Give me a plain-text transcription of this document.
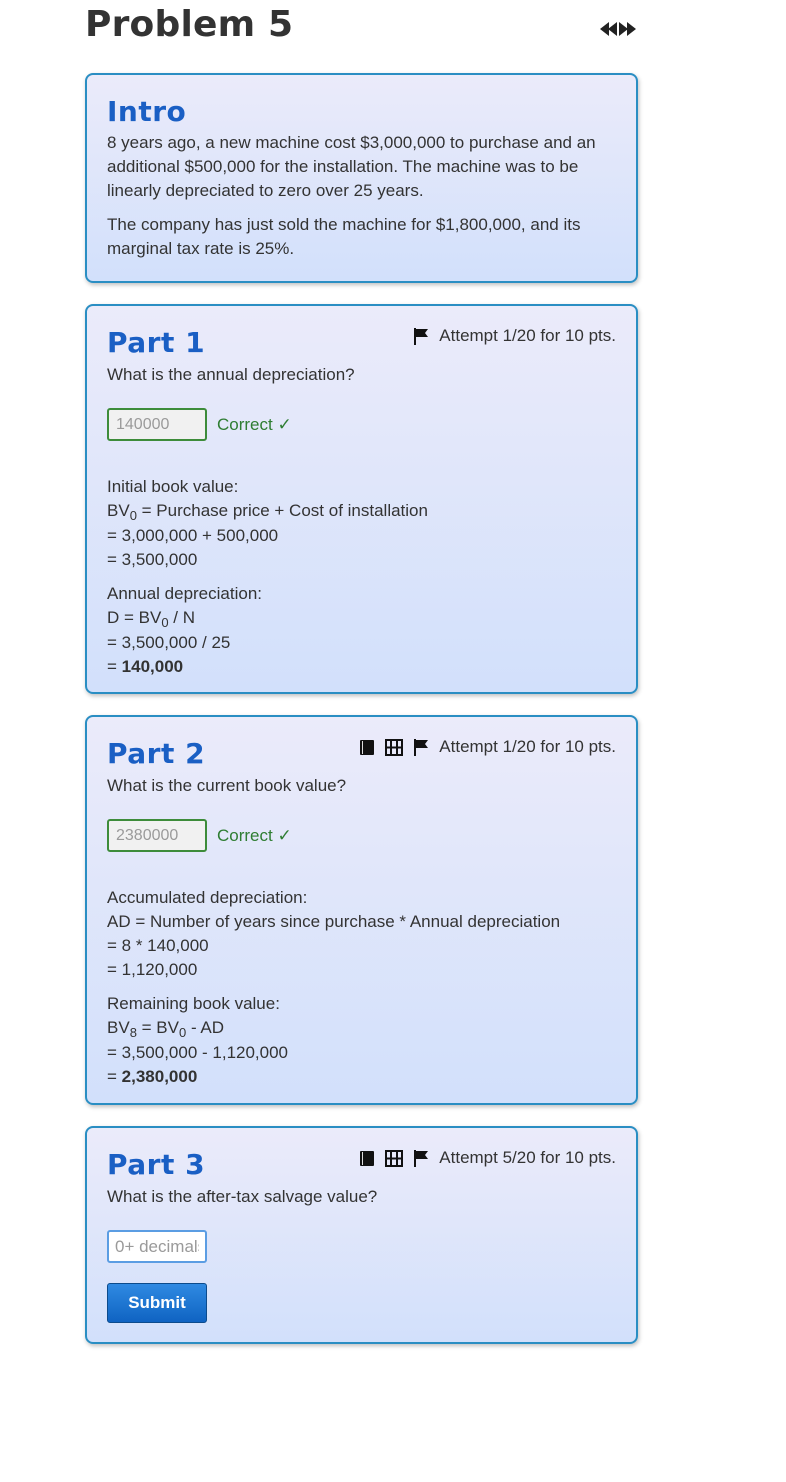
Problem 5
Intro

8 years ago, a new machine cost $3,000,000 to purchase and an additional $500,000 for the installation. The machine was to be linearly depreciated to zero over 25 years.

The company has just sold the machine for $1,800,000, and its marginal tax rate is 25%.

Part 1	Attempt 1/20 for 10 pts.

What is the annual depreciation?

140000	Correct ✓
Initial book value:
$BV_0$ = Purchase price + Cost of installation
= 3,000,000 + 500,000
= 3,500,000
Annual depreciation:
$D = BV_0 / N$
= 3,500,000 / 25
= 140,000
Part 2	Attempt 1/20 for 10 pts.

What is the current book value?

2380000	Correct ✓
Accumulated depreciation:
AD = Number of years since purchase * Annual depreciation
= 8 * 140,000
= 1,120,000
Remaining book value:
$BV_8 = BV_0$ - AD
= 3,500,000 - 1,120,000
= 2,380,000
Part 3	Attempt 5/20 for 10 pts.

What is the after-tax salvage value?

0+ decimals
Submit
